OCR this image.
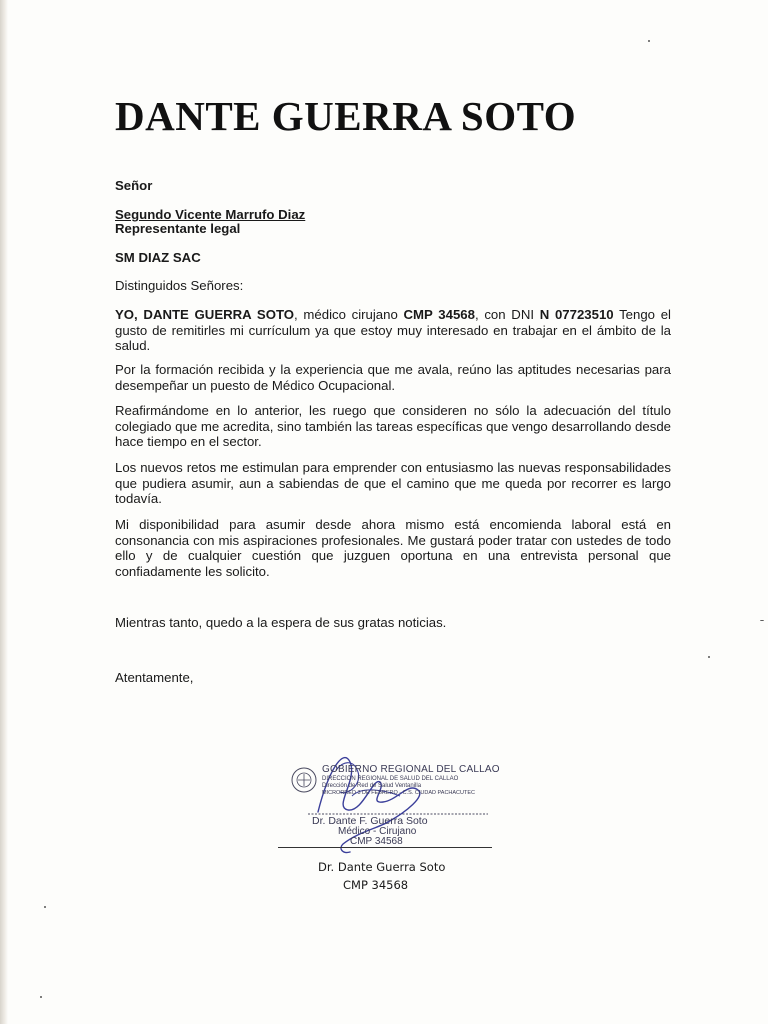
DANTE GUERRA SOTO

Señor

Segundo Vicente Marrufo Diaz

Representante legal

SM DIAZ SAC

Distinguidos Señores:

YO, DANTE GUERRA SOTO, médico cirujano CMP 34568, con DNI N 07723510 Tengo el gusto de remitirles mi currículum ya que estoy muy interesado en trabajar en el ámbito de la salud.

Por la formación recibida y la experiencia que me avala, reúno las aptitudes necesarias para desempeñar un puesto de Médico Ocupacional.

Reafirmándome en lo anterior, les ruego que consideren no sólo la adecuación del título colegiado que me acredita, sino también las tareas específicas que vengo desarrollando desde hace tiempo en el sector.

Los nuevos retos me estimulan para emprender con entusiasmo las nuevas responsabilidades que pudiera asumir, aun a sabiendas de que el camino que me queda por recorrer es largo todavía.

Mi disponibilidad para asumir desde ahora mismo está encomienda laboral está en consonancia con mis aspiraciones profesionales. Me gustará poder tratar con ustedes de todo ello y de cualquier cuestión que juzguen oportuna en una entrevista personal que confiadamente les solicito.

Mientras tanto, quedo a la espera de sus gratas noticias.

Atentamente,

GOBIERNO REGIONAL DEL CALLAO
DIRECCION REGIONAL DE SALUD DEL CALLAO
Dirección de Red de Salud Ventanilla
MICRORRED 3 DE FEBRERO - C.S. CIUDAD PACHACUTEC
Dr. Dante F. Guerra Soto
Médico - Cirujano
CMP 34568
Dr. Dante Guerra Soto
CMP 34568
